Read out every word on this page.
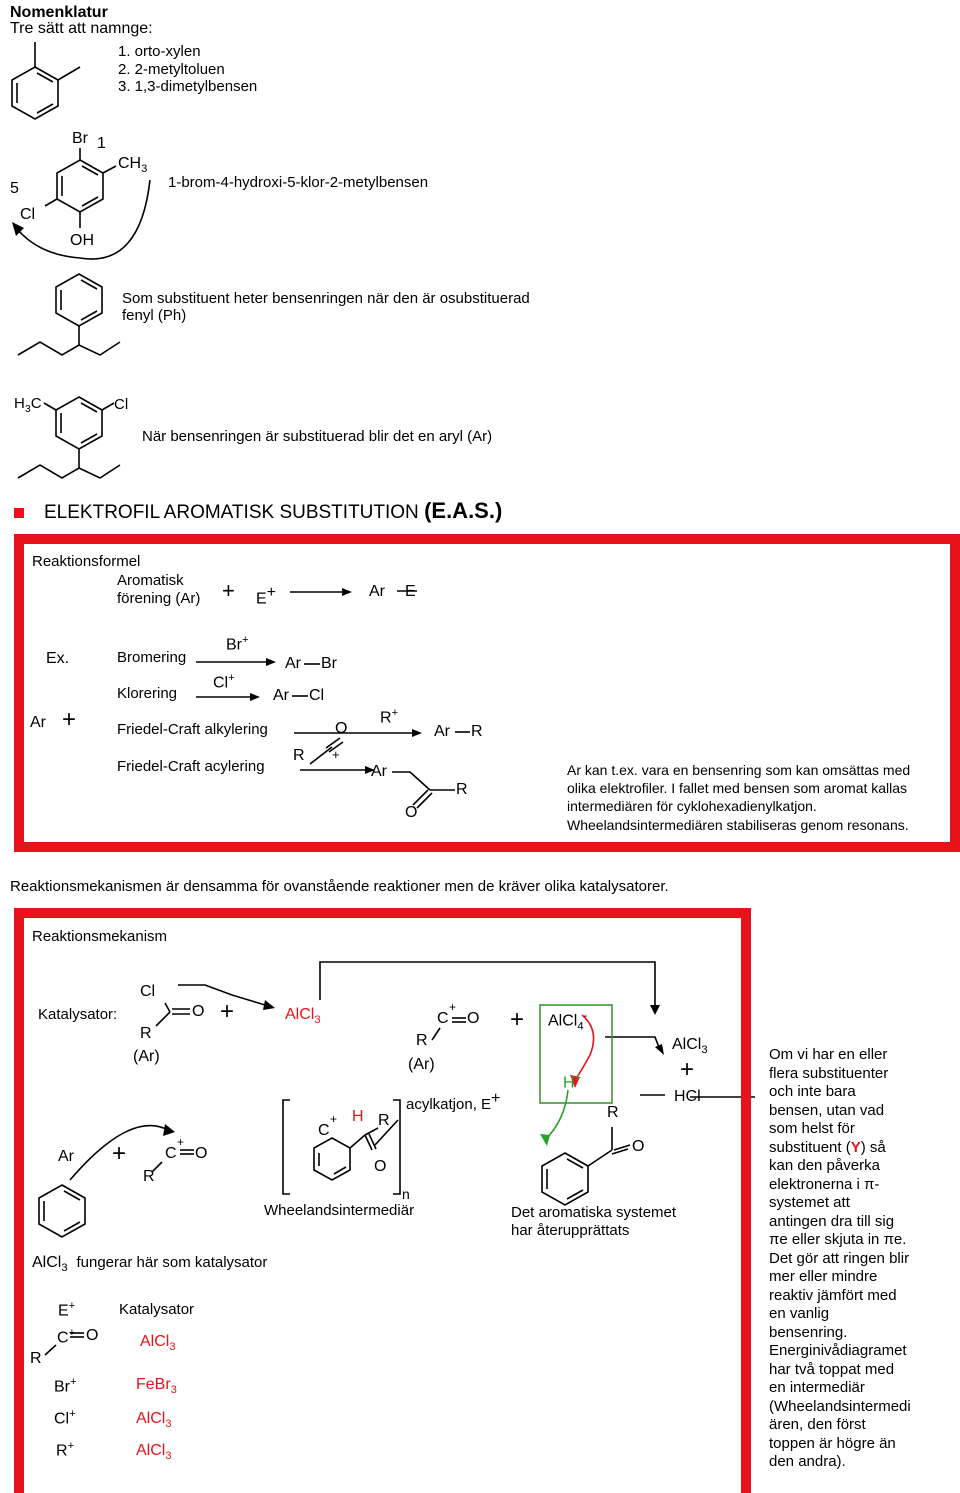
Nomenklatur
Tre sätt att namnge:
1. orto-xylen
2. 2-metyltoluen
3. 1,3-dimetylbensen
Br 1
$CH_3$
5
Cl
OH
1-brom-4-hydroxi-5-klor-2-metylbensen
Som substituent heter bensenringen när den är osubstituerad
fenyl (Ph)
$H_3C$	Cl
När bensenringen är substituerad blir det en aryl (Ar)
ELEKTROFIL AROMATISK SUBSTITUTION (E.A.S.)
Reaktionsformel
Aromatisk
förening (Ar) + E+	Ar E
Ex.
Ar +
Bromering
Klorering
Friedel-Craft alkylering
Friedel-Craft acylering
Br+
Cl+
R+
R +
O
Ar Br
Ar Cl
Ar R
Ar
R
O
Ar kan t.ex. vara en bensenring som kan omsättas med
olika elektrofiler. I fallet med bensen som aromat kallas
intermediären för cyklohexadienylkatjon.
Wheelandsintermediären stabiliseras genom resonans.
Reaktionsmekanismen är densamma för ovanstående reaktioner men de kräver olika katalysatorer.
Reaktionsmekanism
Katalysator:
Cl
O
R
(Ar)
+	AlCl$_3$
R
C
+
O
(Ar)
acylkatjon, E+
+ AlCl$_4$-
H+
AlCl$_3$
+
HCl
Ar + C
+
O
R
C
+ H R
O
n
Wheelandsintermediär
R
O
Det aromatiska systemet
har återupprättats
AlCl$_3$ fungerar här som katalysator
E+	Katalysator
R
C+ O	AlCl$_3$
Br+	FeBr$_3$
Cl+	AlCl$_3$
R+	AlCl$_3$
Om vi har en eller
flera substituenter
och inte bara
bensen, utan vad
som helst för
substituent (Y) så
kan den påverka
elektronerna i π-
systemet att
antingen dra till sig
πe eller skjuta in πe.
Det gör att ringen blir
mer eller mindre
reaktiv jämfört med
en vanlig
bensenring.
Energinivådiagramet
har två toppat med
en intermediär
(Wheelandsintermedi
ären, den först
toppen är högre än
den andra).
